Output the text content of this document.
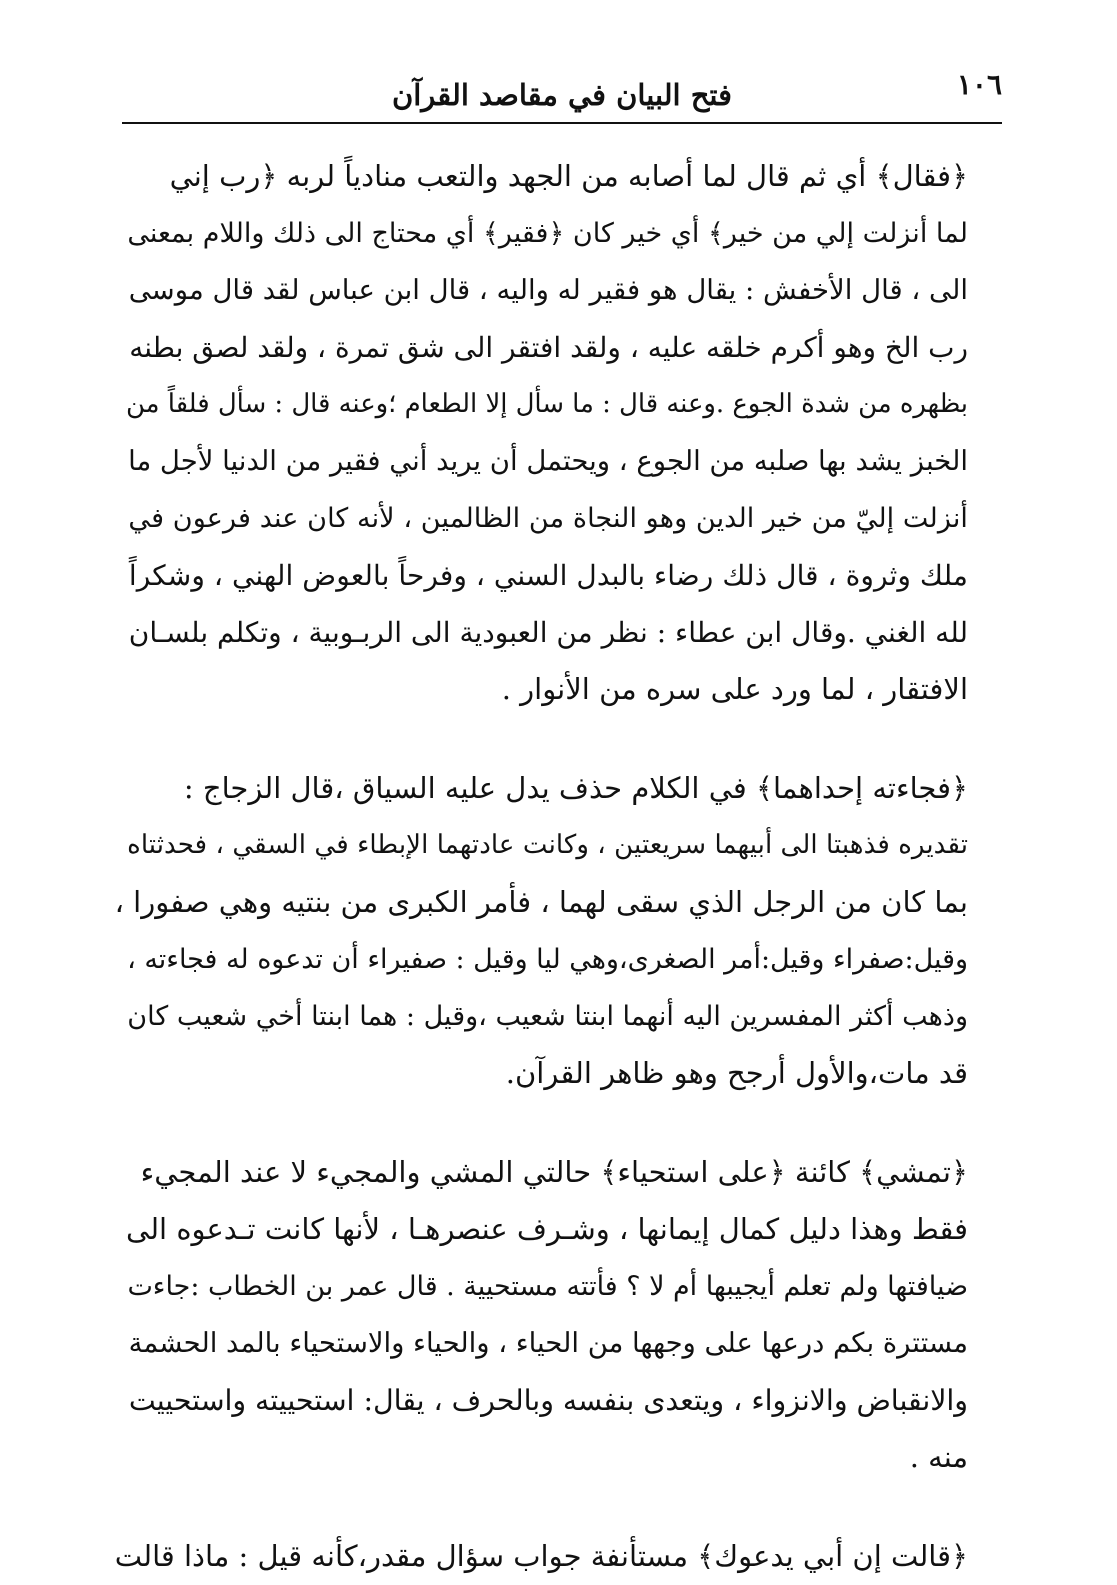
١٠٦
فتح البيان في مقاصد القرآن

﴿فقال﴾ أي ثم قال لما أصابه من الجهد والتعب منادياً لربه ﴿رب إني
لما أنزلت إلي من خير﴾ أي خير كان ﴿فقير﴾ أي محتاج الى ذلك واللام بمعنى
الى ، قال الأخفش : يقال هو فقير له واليه ، قال ابن عباس لقد قال موسى
رب الخ وهو أكرم خلقه عليه ، ولقد افتقر الى شق تمرة ، ولقد لصق بطنه
بظهره من شدة الجوع .وعنه قال : ما سأل إلا الطعام ؛وعنه قال : سأل فلقاً من
الخبز يشد بها صلبه من الجوع ، ويحتمل أن يريد أني فقير من الدنيا لأجل ما
أنزلت إليّ من خير الدين وهو النجاة من الظالمين ، لأنه كان عند فرعون في
ملك وثروة ، قال ذلك رضاء بالبدل السني ، وفرحاً بالعوض الهني ، وشكراً
لله الغني .وقال ابن عطاء : نظر من العبودية الى الربـوبية ، وتكلم بلسـان
الافتقار ، لما ورد على سره من الأنوار .

﴿فجاءته إحداهما﴾ في الكلام حذف يدل عليه السياق ،قال الزجاج :
تقديره فذهبتا الى أبيهما سريعتين ، وكانت عادتهما الإبطاء في السقي ، فحدثتاه
بما كان من الرجل الذي سقى لهما ، فأمر الكبرى من بنتيه وهي صفورا ،
وقيل:صفراء وقيل:أمر الصغرى،وهي ليا وقيل : صفيراء أن تدعوه له فجاءته ،
وذهب أكثر المفسرين اليه أنهما ابنتا شعيب ،وقيل : هما ابنتا أخي شعيب كان
قد مات،والأول أرجح وهو ظاهر القرآن.

﴿تمشي﴾ كائنة ﴿على استحياء﴾ حالتي المشي والمجيء لا عند المجيء
فقط وهذا دليل كمال إيمانها ، وشـرف عنصرهـا ، لأنها كانت تـدعوه الى
ضيافتها ولم تعلم أيجيبها أم لا ؟ فأتته مستحيية . قال عمر بن الخطاب :جاءت
مستترة بكم درعها على وجهها من الحياء ، والحياء والاستحياء بالمد الحشمة
والانقباض والانزواء ، ويتعدى بنفسه وبالحرف ، يقال: استحييته واستحييت
منه .

﴿قالت إن أبي يدعوك﴾ مستأنفة جواب سؤال مقدر،كأنه قيل : ماذا قالت
